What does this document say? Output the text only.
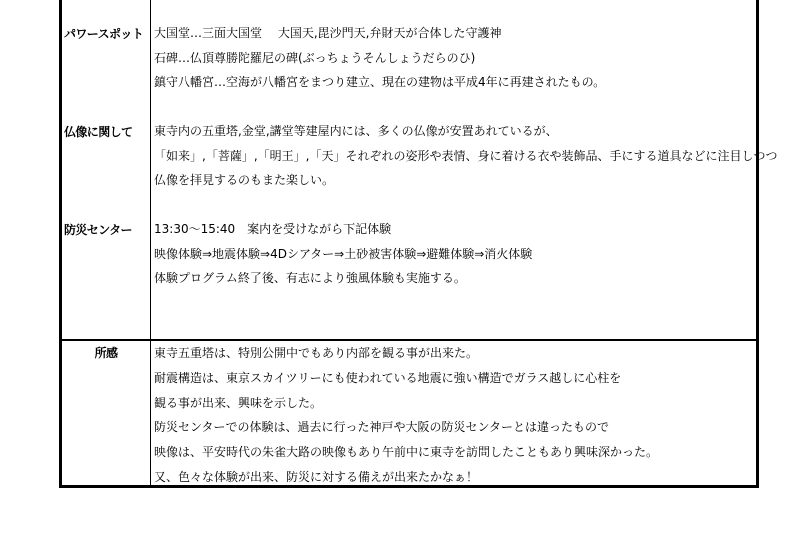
パワースポット 大国堂…三面大国堂　 大国天,毘沙門天,弁財天が合体した守護神
石碑…仏頂尊勝陀羅尼の碑(ぶっちょうそんしょうだらのひ)
鎮守八幡宮…空海が八幡宮をまつり建立、現在の建物は平成4年に再建されたもの。
仏像に関して	東寺内の五重塔,金堂,講堂等建屋内には、多くの仏像が安置あれているが、
「如来」,「菩薩」,「明王」,「天」それぞれの姿形や表情、身に着ける衣や装飾品、手にする道具などに注目しつつ
仏像を拝見するのもまた楽しい。
防災センター	13:30～15:40　案内を受けながら下記体験
映像体験⇒地震体験⇒4Dシアター⇒土砂被害体験⇒避難体験⇒消火体験
体験プログラム終了後、有志により強風体験も実施する。
所感	東寺五重塔は、特別公開中でもあり内部を観る事が出来た。
耐震構造は、東京スカイツリーにも使われている地震に強い構造でガラス越しに心柱を
観る事が出来、興味を示した。
防災センターでの体験は、過去に行った神戸や大阪の防災センターとは違ったもので
映像は、平安時代の朱雀大路の映像もあり午前中に東寺を訪問したこともあり興味深かった。
又、色々な体験が出来、防災に対する備えが出来たかなぁ！
